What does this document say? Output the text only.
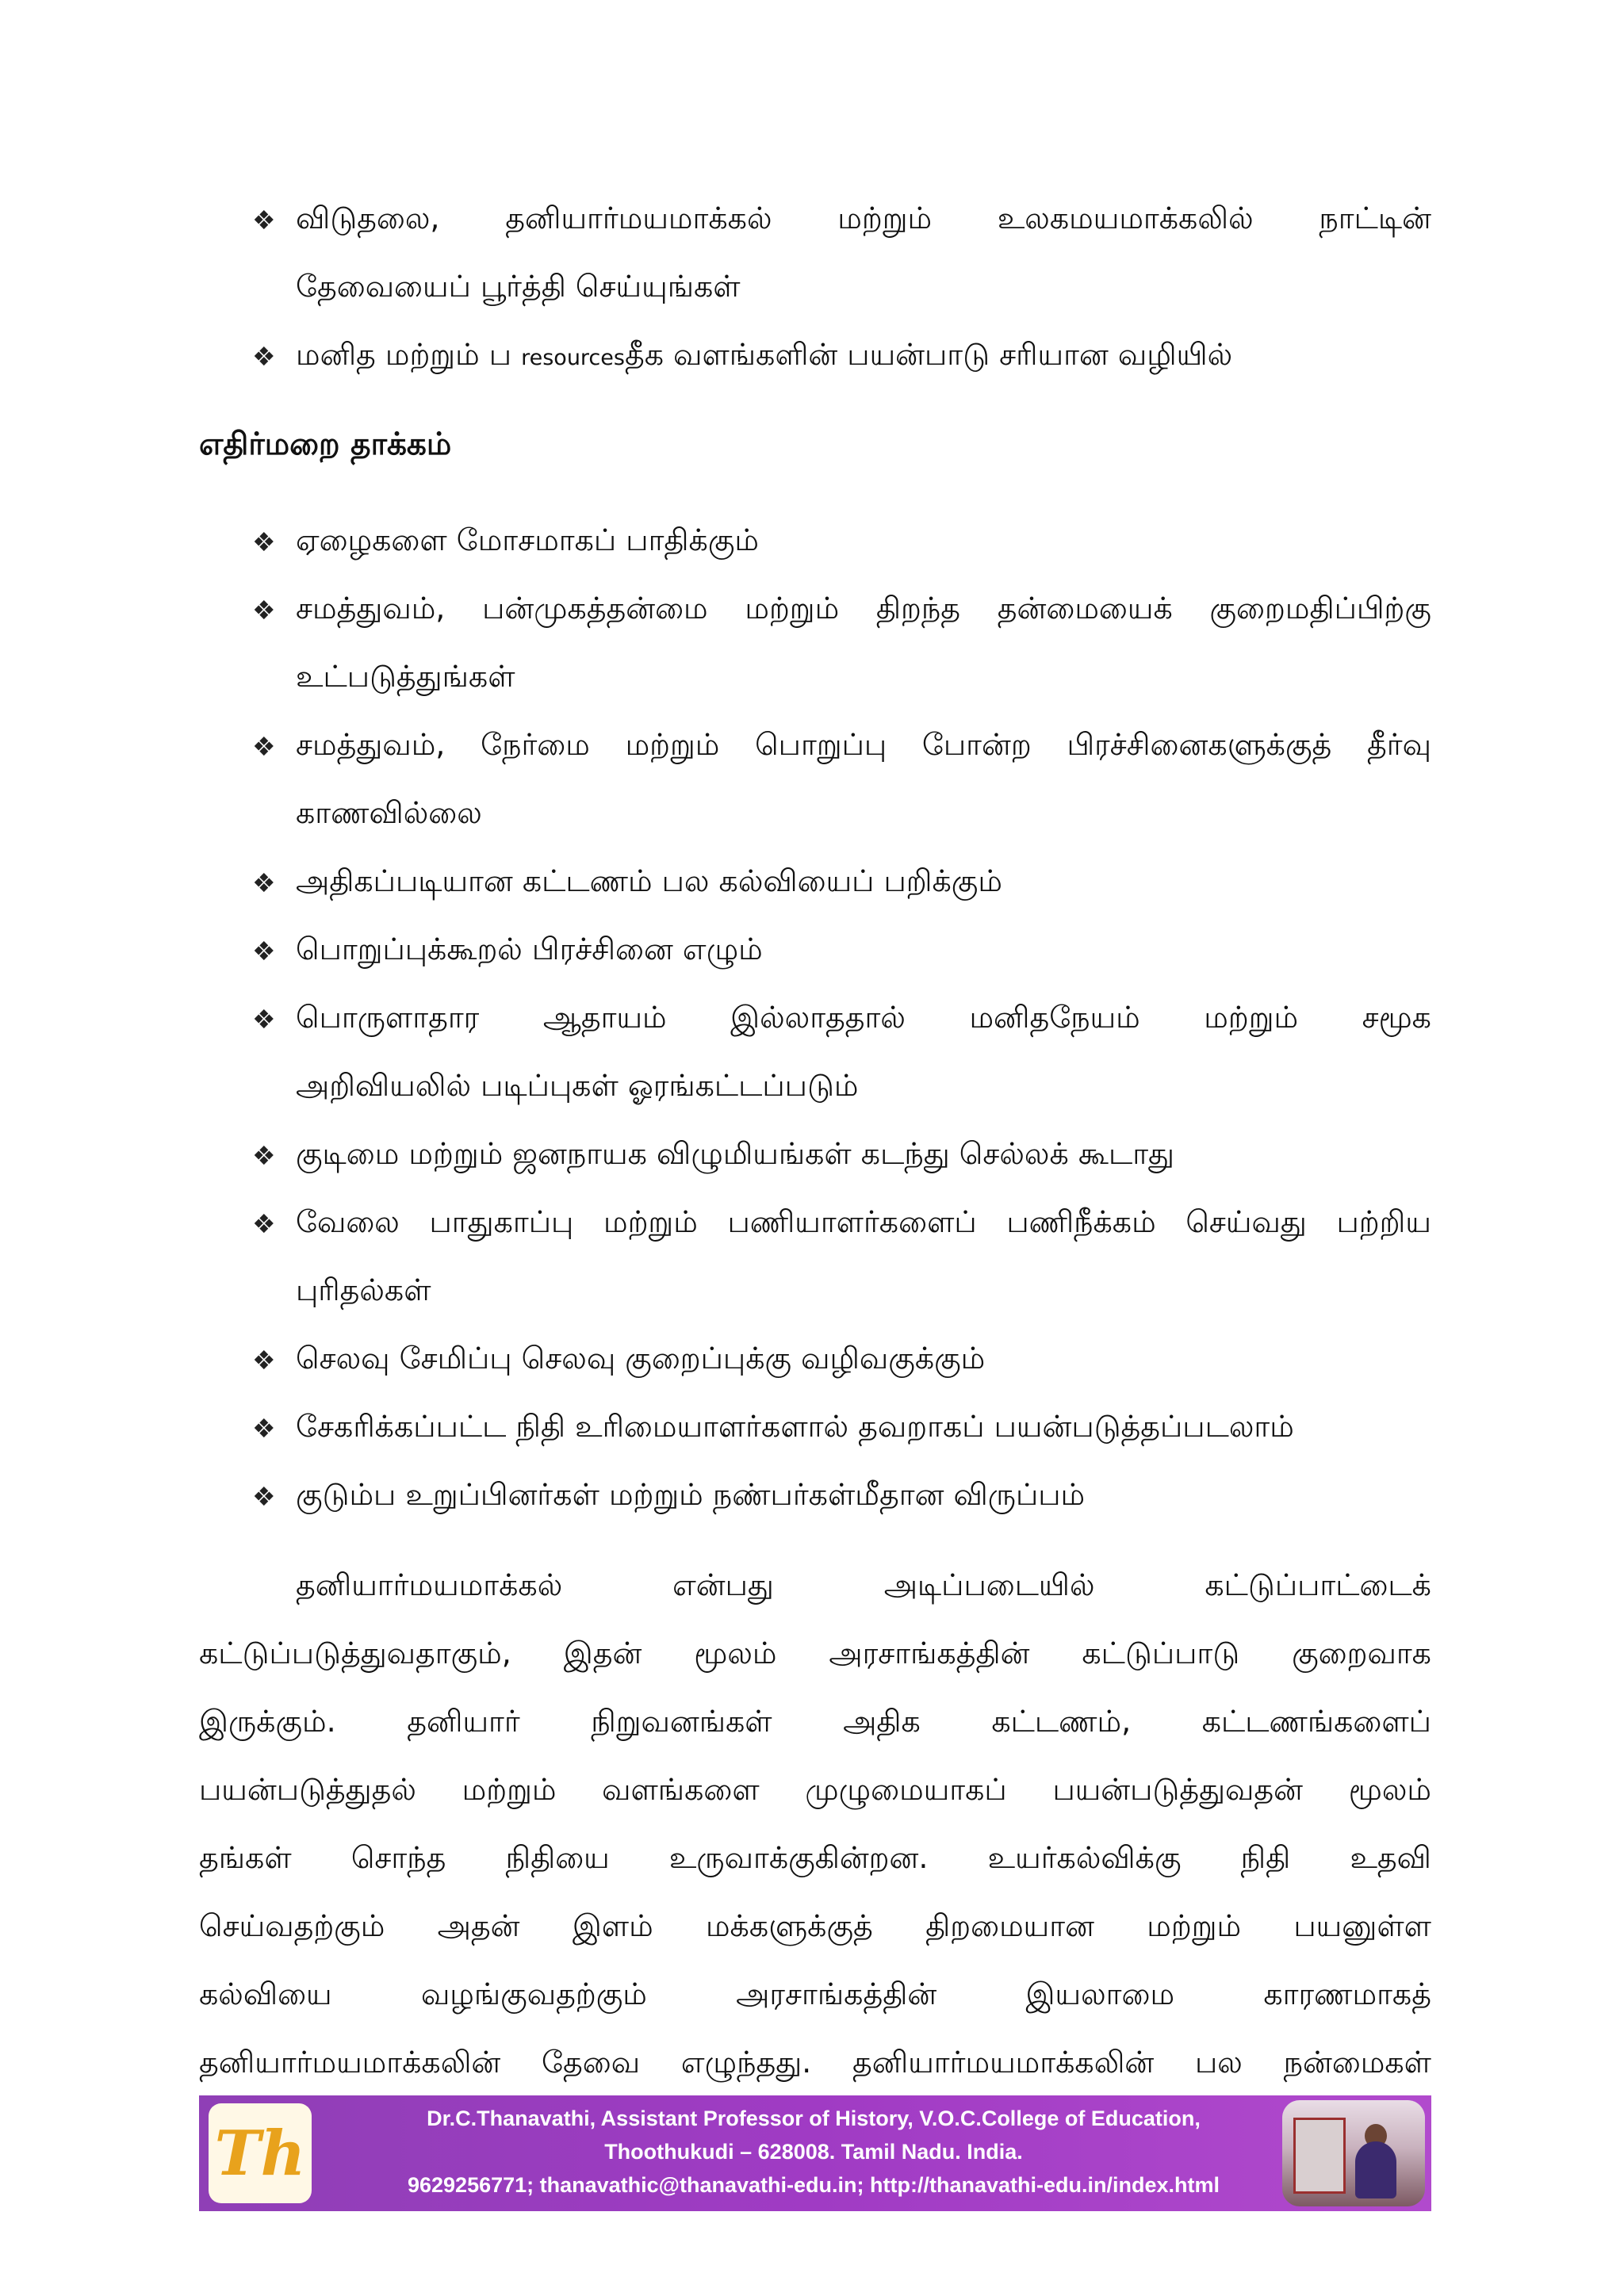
❖ விடுதலை, தனியார்மயமாக்கல் மற்றும் உலகமயமாக்கலில் நாட்டின்
தேவையைப் பூர்த்தி செய்யுங்கள்
❖ மனித மற்றும் ப resourcesதீக வளங்களின் பயன்பாடு சரியான வழியில்
எதிர்மறை தாக்கம்
❖ ஏழைகளை மோசமாகப் பாதிக்கும்
❖ சமத்துவம், பன்முகத்தன்மை மற்றும் திறந்த தன்மையைக் குறைமதிப்பிற்கு
உட்படுத்துங்கள்
❖ சமத்துவம், நேர்மை மற்றும் பொறுப்பு போன்ற பிரச்சினைகளுக்குத் தீர்வு
காணவில்லை
❖ அதிகப்படியான கட்டணம் பல கல்வியைப் பறிக்கும்
❖ பொறுப்புக்கூறல் பிரச்சினை எழும்
❖ பொருளாதார ஆதாயம் இல்லாததால் மனிதநேயம் மற்றும் சமூக
அறிவியலில் படிப்புகள் ஓரங்கட்டப்படும்
❖ குடிமை மற்றும் ஜனநாயக விழுமியங்கள் கடந்து செல்லக் கூடாது
❖ வேலை பாதுகாப்பு மற்றும் பணியாளர்களைப் பணிநீக்கம் செய்வது பற்றிய
புரிதல்கள்
❖ செலவு சேமிப்பு செலவு குறைப்புக்கு வழிவகுக்கும்
❖ சேகரிக்கப்பட்ட நிதி உரிமையாளர்களால் தவறாகப் பயன்படுத்தப்படலாம்
❖ குடும்ப உறுப்பினர்கள் மற்றும் நண்பர்கள்மீதான விருப்பம்
தனியார்மயமாக்கல்	என்பது	அடிப்படையில்	கட்டுப்பாட்டைக்
கட்டுப்படுத்துவதாகும், இதன் மூலம் அரசாங்கத்தின் கட்டுப்பாடு குறைவாக
இருக்கும். தனியார் நிறுவனங்கள் அதிக கட்டணம், கட்டணங்களைப்
பயன்படுத்துதல் மற்றும் வளங்களை முழுமையாகப் பயன்படுத்துவதன் மூலம்
தங்கள் சொந்த நிதியை உருவாக்குகின்றன. உயர்கல்விக்கு நிதி உதவி
செய்வதற்கும் அதன் இளம் மக்களுக்குத் திறமையான மற்றும் பயனுள்ள
கல்வியை	வழங்குவதற்கும்	அரசாங்கத்தின்	இயலாமை	காரணமாகத்
தனியார்மயமாக்கலின் தேவை எழுந்தது. தனியார்மயமாக்கலின் பல நன்மைகள்
Th	Dr.C.Thanavathi, Assistant Professor of History, V.O.C.College of Education,
Thoothukudi – 628008. Tamil Nadu. India.
9629256771; thanavathic@thanavathi-edu.in; http://thanavathi-edu.in/index.html
